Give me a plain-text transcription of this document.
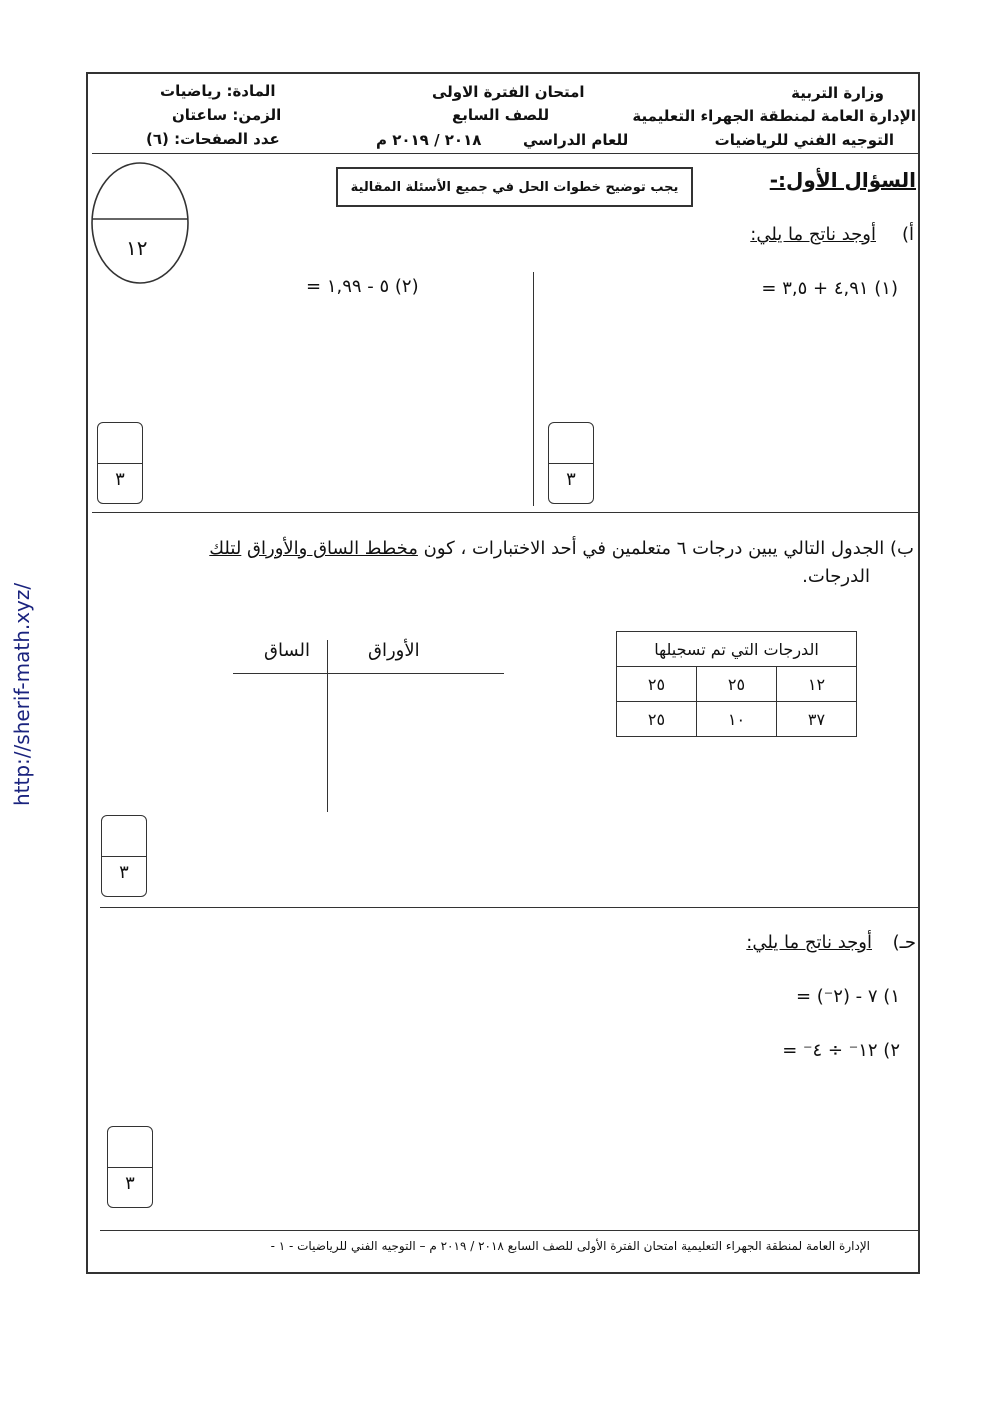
http://sherif-math.xyz/
وزارة التربية
الإدارة العامة لمنطقة الجهراء التعليمية
التوجيه الفني للرياضيات
امتحان الفترة الاولى
للصف السابع
للعام الدراسي
٢٠١٨ / ٢٠١٩ م
المادة: رياضيات
الزمن: ساعتان
عدد الصفحات: (٦)
١٢
السؤال الأول:-
يجب توضيح خطوات الحل في جميع الأسئلة المقالية
أ)
أوجد ناتج ما يلي:
(١) ٤,٩١ + ٣,٥ =
(٢) ٥ - ١,٩٩ =
٣	٣
ب) الجدول التالي يبين درجات ٦ متعلمين في أحد الاختبارات ، كون مخطط الساق والأوراق لتلك
الدرجات.
الدرجات التي تم تسجيلها		
١٢	٢٥	٢٥
٣٧	١٠	٢٥
الساق	الأوراق
٣
حـ)
أوجد ناتج ما يلي:
١) ٧ - (٢⁻) =
٢) ١٢⁻ ÷ ٤⁻ =
٣
الإدارة العامة لمنطقة الجهراء التعليمية امتحان الفترة الأولى للصف السابع ٢٠١٨ / ٢٠١٩ م – التوجيه الفني للرياضيات - ١ -
